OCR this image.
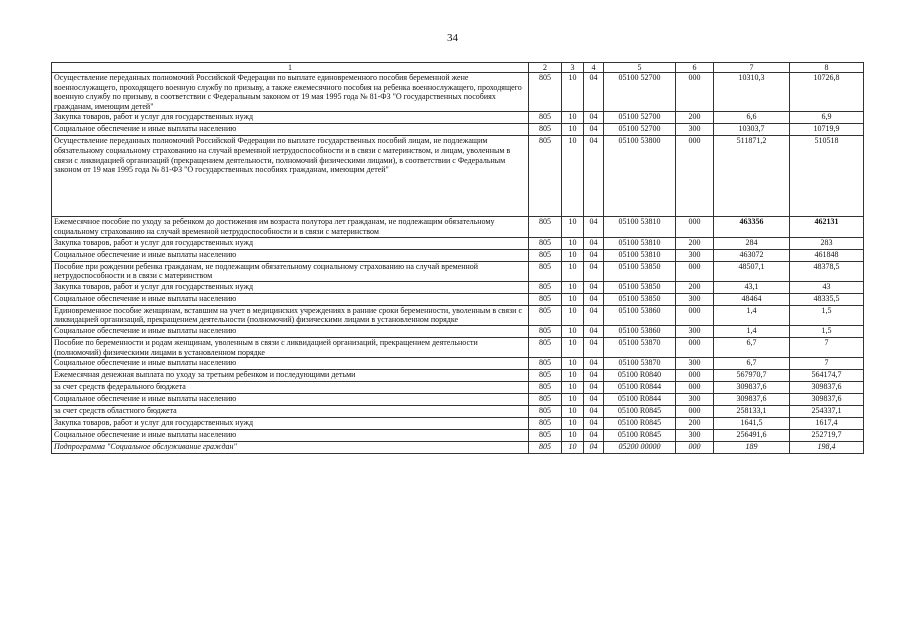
34
1	2	3	4	5	6	7	8
Осуществление переданных полномочий Российской Федерации по выплате единовременного пособия беременной жене военнослужащего, проходящего военную службу по призыву, а также ежемесячного пособия на ребенка военнослужащего, проходящего военную службу по призыву, в соответствии с Федеральным законом от 19 мая 1995 года № 81-ФЗ "О государственных пособиях гражданам, имеющим детей"	805	10	04	05100 52700	000	10310,3	10726,8
Закупка товаров, работ и услуг для государственных нужд	805	10	04	05100 52700	200	6,6	6,9
Социальное обеспечение и иные выплаты населению	805	10	04	05100 52700	300	10303,7	10719,9
Осуществление переданных полномочий Российской Федерации по выплате государственных пособий лицам, не подлежащим обязательному социальному страхованию на случай временной нетрудоспособности и в связи с материнством, и лицам, уволенным в связи с ликвидацией организаций (прекращением деятельности, полномочий физическими лицами), в соответствии с Федеральным законом от 19 мая 1995 года № 81-ФЗ "О государственных пособиях гражданам, имеющим детей"	805	10	04	05100 53800	000	511871,2	510518
Ежемесячное пособие по уходу за ребенком до достижения им возраста полутора лет гражданам, не подлежащим обязательному социальному страхованию на случай временной нетрудоспособности и в связи с материнством	805	10	04	05100 53810	000	463356	462131
Закупка товаров, работ и услуг для государственных нужд	805	10	04	05100 53810	200	284	283
Социальное обеспечение и иные выплаты населению	805	10	04	05100 53810	300	463072	461848
Пособие при рождении ребенка гражданам, не подлежащим обязательному социальному страхованию на случай временной нетрудоспособности и в связи с материнством	805	10	04	05100 53850	000	48507,1	48378,5
Закупка товаров, работ и услуг для государственных нужд	805	10	04	05100 53850	200	43,1	43
Социальное обеспечение и иные выплаты населению	805	10	04	05100 53850	300	48464	48335,5
Единовременное пособие женщинам, вставшим на учет в медицинских учреждениях в ранние сроки беременности, уволенным в связи с ликвидацией организаций, прекращением деятельности (полномочий) физическими лицами в установленном порядке	805	10	04	05100 53860	000	1,4	1,5
Социальное обеспечение и иные выплаты населению	805	10	04	05100 53860	300	1,4	1,5
Пособие по беременности и родам женщинам, уволенным в связи с ликвидацией организаций, прекращением деятельности (полномочий) физическими лицами в установленном порядке	805	10	04	05100 53870	000	6,7	7
Социальное обеспечение и иные выплаты населению	805	10	04	05100 53870	300	6,7	7
Ежемесячная денежная выплата по уходу за третьим ребенком и последующими детьми	805	10	04	05100 R0840	000	567970,7	564174,7
за счет средств федерального бюджета	805	10	04	05100 R0844	000	309837,6	309837,6
Социальное обеспечение и иные выплаты населению	805	10	04	05100 R0844	300	309837,6	309837,6
за счет средств областного бюджета	805	10	04	05100 R0845	000	258133,1	254337,1
Закупка товаров, работ и услуг для государственных нужд	805	10	04	05100 R0845	200	1641,5	1617,4
Социальное обеспечение и иные выплаты населению	805	10	04	05100 R0845	300	256491,6	252719,7
Подпрограмма "Социальное обслуживание граждан"	805	10	04	05200 00000	000	189	198,4
